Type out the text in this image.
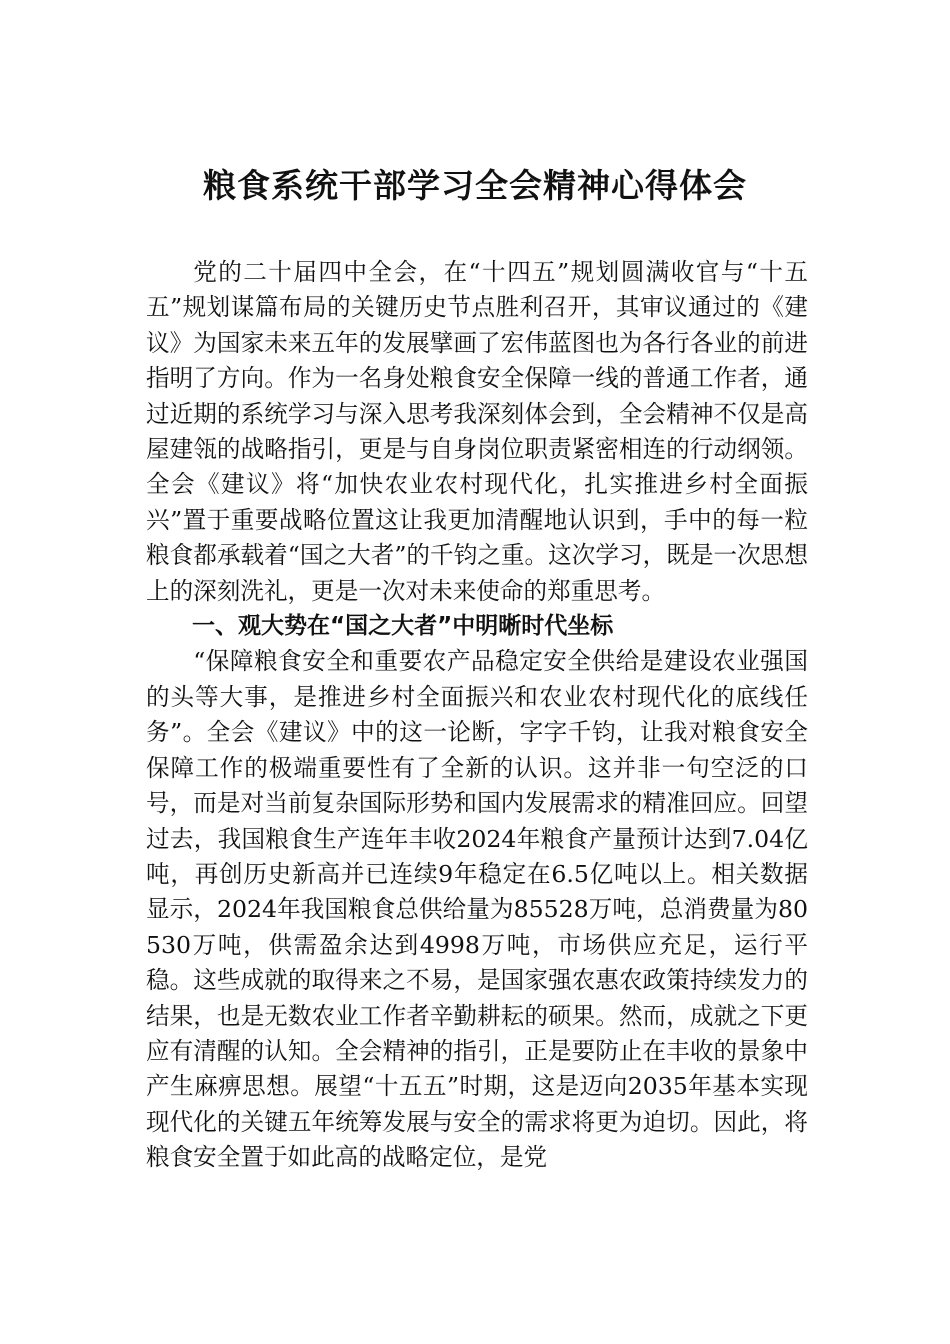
粮食系统干部学习全会精神心得体会

党的二十届四中全会，在“十四五”规划圆满收官与“十五五”规划谋篇布局的关键历史节点胜利召开，其审议通过的《建议》为国家未来五年的发展擘画了宏伟蓝图也为各行各业的前进指明了方向。作为一名身处粮食安全保障一线的普通工作者，通过近期的系统学习与深入思考我深刻体会到，全会精神不仅是高屋建瓴的战略指引，更是与自身岗位职责紧密相连的行动纲领。全会《建议》将“加快农业农村现代化，扎实推进乡村全面振兴”置于重要战略位置这让我更加清醒地认识到，手中的每一粒粮食都承载着“国之大者”的千钧之重。这次学习，既是一次思想上的深刻洗礼，更是一次对未来使命的郑重思考。

一、观大势在“国之大者”中明晰时代坐标

“保障粮食安全和重要农产品稳定安全供给是建设农业强国的头等大事，是推进乡村全面振兴和农业农村现代化的底线任务”。全会《建议》中的这一论断，字字千钧，让我对粮食安全保障工作的极端重要性有了全新的认识。这并非一句空泛的口号，而是对当前复杂国际形势和国内发展需求的精准回应。回望过去，我国粮食生产连年丰收2024年粮食产量预计达到7.04亿吨，再创历史新高并已连续9年稳定在6.5亿吨以上。相关数据显示，2024年我国粮食总供给量为85528万吨，总消费量为80530万吨，供需盈余达到4998万吨，市场供应充足，运行平稳。这些成就的取得来之不易，是国家强农惠农政策持续发力的结果，也是无数农业工作者辛勤耕耘的硕果。然而，成就之下更应有清醒的认知。全会精神的指引，正是要防止在丰收的景象中产生麻痹思想。展望“十五五”时期，这是迈向2035年基本实现现代化的关键五年统筹发展与安全的需求将更为迫切。因此，将粮食安全置于如此高的战略定位，是党
